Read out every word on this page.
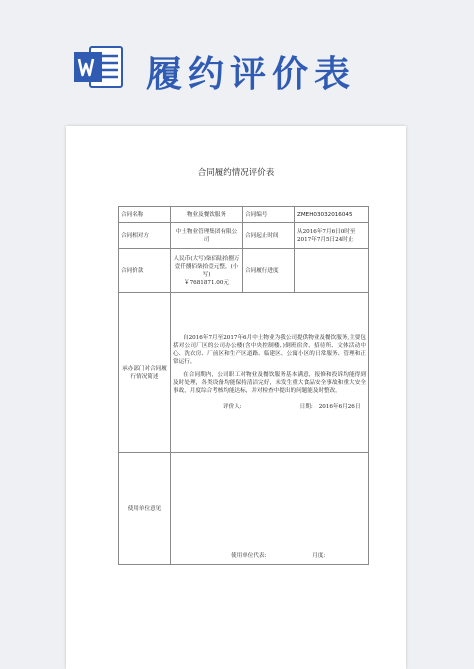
履约评价表
合同履约情况评价表
合同名称	物业及餐饮服务	合同编号	ZMEH03032016045
合同相对方	中土物业管理集团有限公司	合同起止时间	从2016年7月6日0时至2017年7月5日24时止
合同价款	人民币(大写)柒佰陆拾捌万壹仟捌佰柒拾壹元整，(小写)
￥7681871.00元	合同履行进度	
承办部门对合同履行情况简述	自2016年7月至2017年6月中土物业为我公司提供物业及餐饮服务,主要包括对公司厂区的公司办公楼(含中央控制楼、)倒班宿舍、招待所、文体活动中心、洗衣房、厂前区和生产区道路、临建区、公寓小区的日常服务、管理和正常运行。

在合同期内，公司职工对物业及餐饮服务基本满意，报修和投诉均能得到及时处理，各类设备均能保持清洁完好，未发生重大食品安全事故和重大安全事故，月度综合考核均能达标，并对检查中提出的问题能及时整改。

评价人: 日期: 2016年6月26日		

使用单位意见	使用单位代表: 月度:		
